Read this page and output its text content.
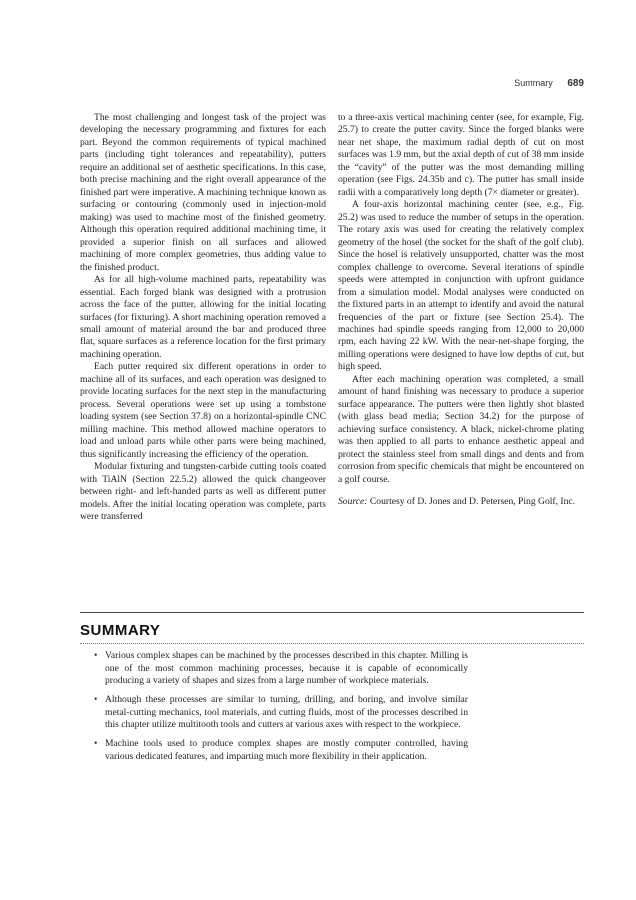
Summary 689

The most challenging and longest task of the project was developing the necessary programming and fixtures for each part. Beyond the common requirements of typical machined parts (including tight tolerances and repeatability), putters require an additional set of aesthetic specifications. In this case, both precise machining and the right overall appearance of the finished part were imperative. A machining technique known as surfacing or contouring (commonly used in injection-mold making) was used to machine most of the finished geometry. Although this operation required additional machining time, it provided a superior finish on all surfaces and allowed machining of more complex geometries, thus adding value to the finished product.

As for all high-volume machined parts, repeatability was essential. Each forged blank was designed with a protrusion across the face of the putter, allowing for the initial locating surfaces (for fixturing). A short machining operation removed a small amount of material around the bar and produced three flat, square surfaces as a reference location for the first primary machining operation.

Each putter required six different operations in order to machine all of its surfaces, and each operation was designed to provide locating surfaces for the next step in the manufacturing process. Several operations were set up using a tombstone loading system (see Section 37.8) on a horizontal-spindle CNC milling machine. This method allowed machine operators to load and unload parts while other parts were being machined, thus significantly increasing the efficiency of the operation.

Modular fixturing and tungsten-carbide cutting tools coated with TiAlN (Section 22.5.2) allowed the quick changeover between right- and left-handed parts as well as different putter models. After the initial locating operation was complete, parts were transferred

to a three-axis vertical machining center (see, for example, Fig. 25.7) to create the putter cavity. Since the forged blanks were near net shape, the maximum radial depth of cut on most surfaces was 1.9 mm, but the axial depth of cut of 38 mm inside the “cavity” of the putter was the most demanding milling operation (see Figs. 24.35b and c). The putter has small inside radii with a comparatively long depth (7× diameter or greater).

A four-axis horizontal machining center (see, e.g., Fig. 25.2) was used to reduce the number of setups in the operation. The rotary axis was used for creating the relatively complex geometry of the hosel (the socket for the shaft of the golf club). Since the hosel is relatively unsupported, chatter was the most complex challenge to overcome. Several iterations of spindle speeds were attempted in conjunction with upfront guidance from a simulation model. Modal analyses were conducted on the fixtured parts in an attempt to identify and avoid the natural frequencies of the part or fixture (see Section 25.4). The machines had spindle speeds ranging from 12,000 to 20,000 rpm, each having 22 kW. With the near-net-shape forging, the milling operations were designed to have low depths of cut, but high speed.

After each machining operation was completed, a small amount of hand finishing was necessary to produce a superior surface appearance. The putters were then lightly shot blasted (with glass bead media; Section 34.2) for the purpose of achieving surface consistency. A black, nickel-chrome plating was then applied to all parts to enhance aesthetic appeal and protect the stainless steel from small dings and dents and from corrosion from specific chemicals that might be encountered on a golf course.

Source: Courtesy of D. Jones and D. Petersen, Ping Golf, Inc.

SUMMARY
• Various complex shapes can be machined by the processes described in this chapter. Milling is one of the most common machining processes, because it is capable of economically producing a variety of shapes and sizes from a large number of workpiece materials.
• Although these processes are similar to turning, drilling, and boring, and involve similar metal-cutting mechanics, tool materials, and cutting fluids, most of the processes described in this chapter utilize multitooth tools and cutters at various axes with respect to the workpiece.
• Machine tools used to produce complex shapes are mostly computer controlled, having various dedicated features, and imparting much more flexibility in their application.
